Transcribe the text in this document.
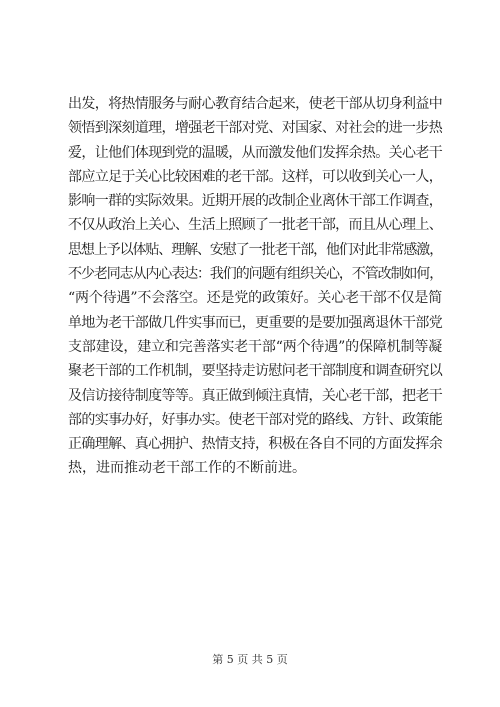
出发，将热情服务与耐心教育结合起来，使老干部从切身利益中
领悟到深刻道理，增强老干部对党、对国家、对社会的进一步热
爱，让他们体现到党的温暖，从而激发他们发挥余热。关心老干
部应立足于关心比较困难的老干部。这样，可以收到关心一人，
影响一群的实际效果。近期开展的改制企业离休干部工作调查，
不仅从政治上关心、生活上照顾了一批老干部，而且从心理上、
思想上予以体贴、理解、安慰了一批老干部，他们对此非常感激，
不少老同志从内心表达：我们的问题有组织关心，不管改制如何，
“两个待遇”不会落空。还是党的政策好。关心老干部不仅是简
单地为老干部做几件实事而已，更重要的是要加强离退休干部党
支部建设，建立和完善落实老干部“两个待遇”的保障机制等凝
聚老干部的工作机制，要坚持走访慰问老干部制度和调查研究以
及信访接待制度等等。真正做到倾注真情，关心老干部，把老干
部的实事办好，好事办实。使老干部对党的路线、方针、政策能
正确理解、真心拥护、热情支持，积极在各自不同的方面发挥余
热，进而推动老干部工作的不断前进。
第 5 页 共 5 页
